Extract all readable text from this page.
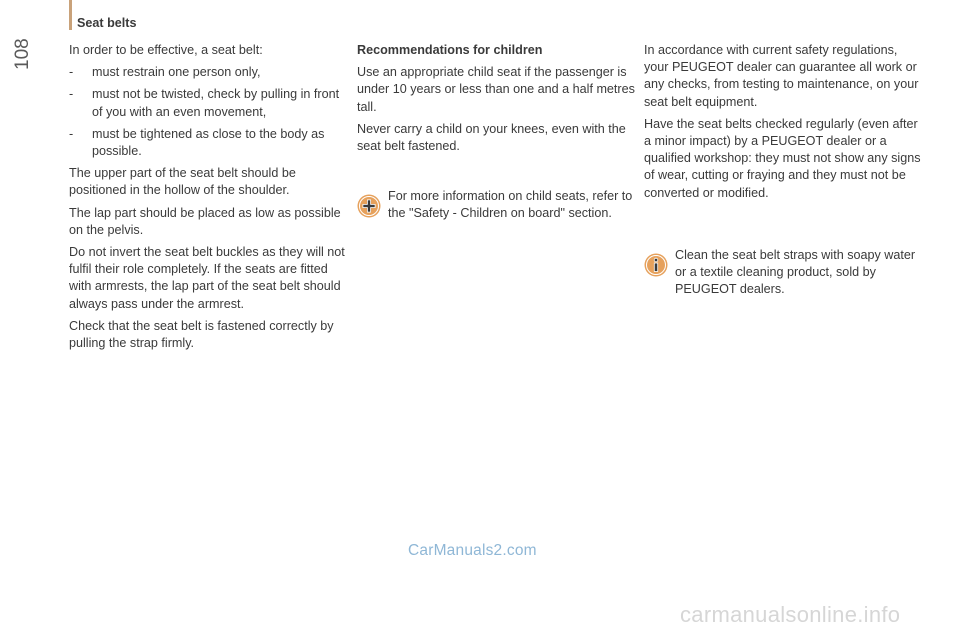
Seat belts
108	In order to be effective, a seat belt:

- must restrain one person only,
- must not be twisted, check by pulling in front of you with an even movement,
- must be tightened as close to the body as possible.

The upper part of the seat belt should be positioned in the hollow of the shoulder.

The lap part should be placed as low as possible on the pelvis.

Do not invert the seat belt buckles as they will not fulfil their role completely. If the seats are fitted with armrests, the lap part of the seat belt should always pass under the armrest.

Check that the seat belt is fastened correctly by pulling the strap firmly.

Recommendations for children

Use an appropriate child seat if the passenger is under 10 years or less than one and a half metres tall.

Never carry a child on your knees, even with the seat belt fastened.

For more information on child seats, refer to the "Safety - Children on board" section.

In accordance with current safety regulations, your PEUGEOT dealer can guarantee all work or any checks, from testing to maintenance, on your seat belt equipment.

Have the seat belts checked regularly (even after a minor impact) by a PEUGEOT dealer or a qualified workshop: they must not show any signs of wear, cutting or fraying and they must not be converted or modified.

Clean the seat belt straps with soapy water or a textile cleaning product, sold by PEUGEOT dealers.
CarManuals2.com
carmanualsonline.info
